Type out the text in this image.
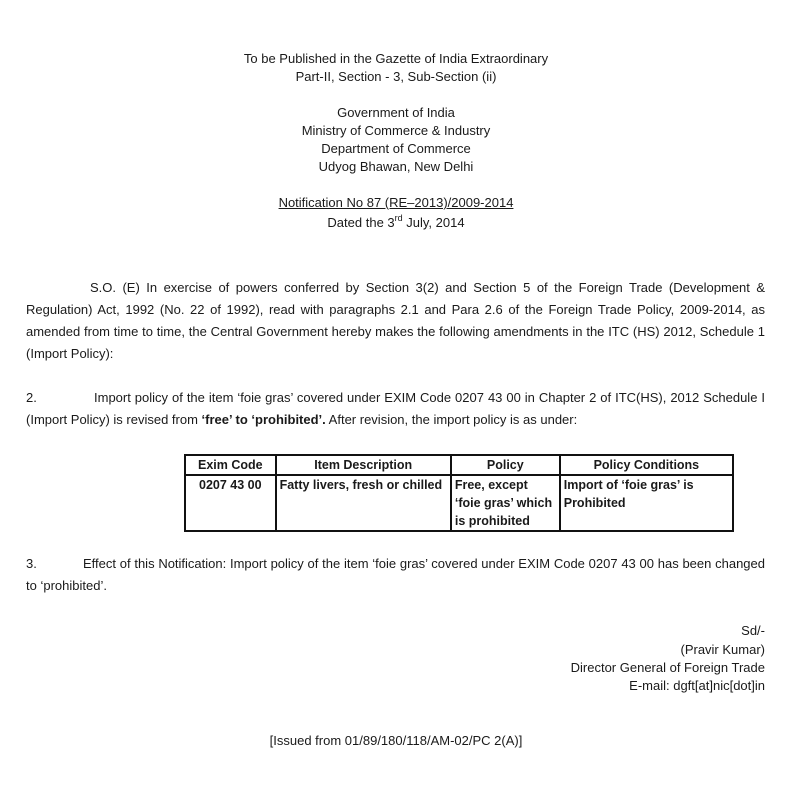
To be Published in the Gazette of India Extraordinary
Part-II, Section - 3, Sub-Section (ii)
Government of India
Ministry of Commerce & Industry
Department of Commerce
Udyog Bhawan, New Delhi
Notification No 87 (RE–2013)/2009-2014
Dated the 3rd July, 2014
S.O. (E) In exercise of powers conferred by Section 3(2) and Section 5 of the Foreign Trade (Development & Regulation) Act, 1992 (No. 22 of 1992), read with paragraphs 2.1 and Para 2.6 of the Foreign Trade Policy, 2009-2014, as amended from time to time, the Central Government hereby makes the following amendments in the ITC (HS) 2012, Schedule 1 (Import Policy):
2.	Import policy of the item ‘foie gras’ covered under EXIM Code 0207 43 00 in Chapter 2 of ITC(HS), 2012 Schedule I (Import Policy) is revised from ‘free’ to ‘prohibited’. After revision, the import policy is as under:
Exim Code	Item Description	Policy	Policy Conditions
0207 43 00	Fatty livers, fresh or chilled	Free, except ‘foie gras’ which is prohibited	Import of ‘foie gras’ is Prohibited
3.	Effect of this Notification: Import policy of the item ‘foie gras’ covered under EXIM Code 0207 43 00 has been changed to ‘prohibited’.
Sd/-
(Pravir Kumar)
Director General of Foreign Trade
E-mail: dgft[at]nic[dot]in
[Issued from 01/89/180/118/AM-02/PC 2(A)]
